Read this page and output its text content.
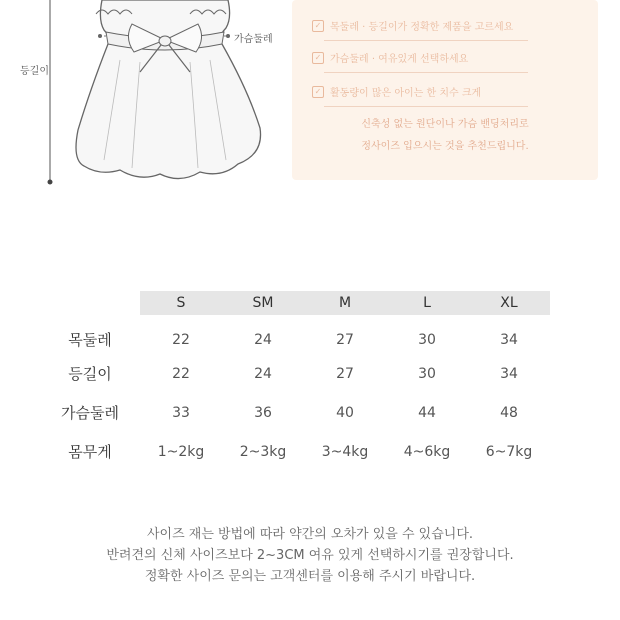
등길이
가슴둘레
✓ 목둘레 · 등길이가 정확한 제품을 고르세요
✓ 가슴둘레 · 여유있게 선택하세요
✓ 활동량이 많은 아이는 한 치수 크게
신축성 없는 원단이나 가슴 밴딩처리로
정사이즈 입으시는 것을 추천드립니다.
	S	SM	M	L	XL
목둘레	22	24	27	30	34
등길이	22	24	27	30	34
가슴둘레	33	36	40	44	48
몸무게	1~2kg	2~3kg	3~4kg	4~6kg	6~7kg
사이즈 재는 방법에 따라 약간의 오차가 있을 수 있습니다.
반려견의 신체 사이즈보다 2~3CM 여유 있게 선택하시기를 권장합니다.
정확한 사이즈 문의는 고객센터를 이용해 주시기 바랍니다.
